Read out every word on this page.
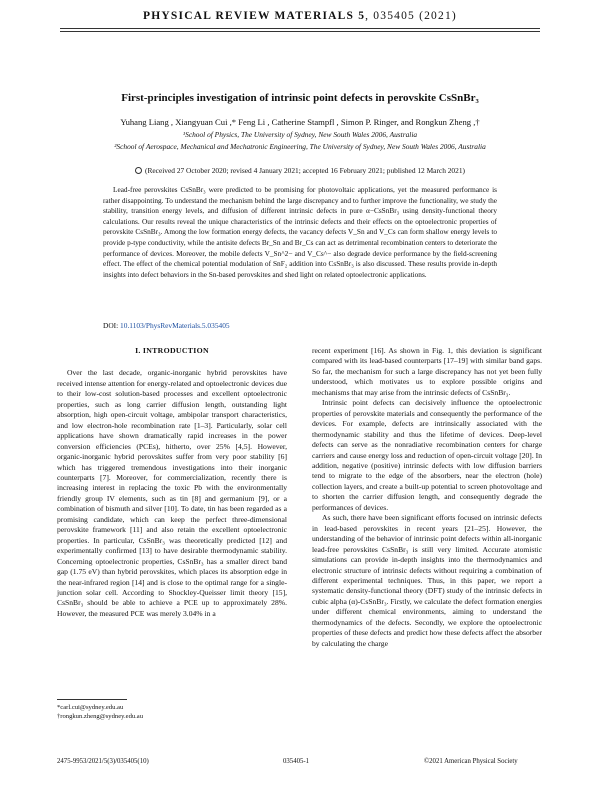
PHYSICAL REVIEW MATERIALS 5, 035405 (2021)
First-principles investigation of intrinsic point defects in perovskite CsSnBr₃
Yuhang Liang , Xiangyuan Cui ,* Feng Li , Catherine Stampfl , Simon P. Ringer, and Rongkun Zheng ,†
¹School of Physics, The University of Sydney, New South Wales 2006, Australia
²School of Aerospace, Mechanical and Mechatronic Engineering, The University of Sydney, New South Wales 2006, Australia
(Received 27 October 2020; revised 4 January 2021; accepted 16 February 2021; published 12 March 2021)
Lead-free perovskites CsSnBr₃ were predicted to be promising for photovoltaic applications, yet the measured performance is rather disappointing. To understand the mechanism behind the large discrepancy and to further improve the functionality, we study the stability, transition energy levels, and diffusion of different intrinsic defects in pure α−CsSnBr₃ using density-functional theory calculations. Our results reveal the unique characteristics of the intrinsic defects and their effects on the optoelectronic properties of perovskite CsSnBr₃. Among the low formation energy defects, the vacancy defects V_Sn and V_Cs can form shallow energy levels to provide p-type conductivity, while the antisite defects Br_Sn and Br_Cs can act as detrimental recombination centers to deteriorate the performance of devices. Moreover, the mobile defects V_Sn^2− and V_Cs^− also degrade device performance by the field-screening effect. The effect of the chemical potential modulation of SnF₂ addition into CsSnBr₃ is also discussed. These results provide in-depth insights into defect behaviors in the Sn-based perovskites and shed light on related optoelectronic applications.
DOI: 10.1103/PhysRevMaterials.5.035405
I. INTRODUCTION

Over the last decade, organic-inorganic hybrid perovskites have received intense attention for energy-related and optoelectronic devices due to their low-cost solution-based processes and excellent optoelectronic properties, such as long carrier diffusion length, outstanding light absorption, high open-circuit voltage, ambipolar transport characteristics, and low electron-hole recombination rate [1–3]. Particularly, solar cell applications have shown dramatically rapid increases in the power conversion efficiencies (PCEs), hitherto, over 25% [4,5]. However, organic-inorganic hybrid perovskites suffer from very poor stability [6] which has triggered tremendous investigations into their inorganic counterparts [7]. Moreover, for commercialization, recently there is increasing interest in replacing the toxic Pb with the environmentally friendly group IV elements, such as tin [8] and germanium [9], or a combination of bismuth and silver [10]. To date, tin has been regarded as a promising candidate, which can keep the perfect three-dimensional perovskite framework [11] and also retain the excellent optoelectronic properties. In particular, CsSnBr₃ was theoretically predicted [12] and experimentally confirmed [13] to have desirable thermodynamic stability. Concerning optoelectronic properties, CsSnBr₃ has a smaller direct band gap (1.75 eV) than hybrid perovskites, which places its absorption edge in the near-infrared region [14] and is close to the optimal range for a single-junction solar cell. According to Shockley-Queisser limit theory [15], CsSnBr₃ should be able to achieve a PCE up to approximately 28%. However, the measured PCE was merely 3.04% in a

recent experiment [16]. As shown in Fig. 1, this deviation is significant compared with its lead-based counterparts [17–19] with similar band gaps. So far, the mechanism for such a large discrepancy has not yet been fully understood, which motivates us to explore possible origins and mechanisms that may arise from the intrinsic defects of CsSnBr₃.

Intrinsic point defects can decisively influence the optoelectronic properties of perovskite materials and consequently the performance of the devices. For example, defects are intrinsically associated with the thermodynamic stability and thus the lifetime of devices. Deep-level defects can serve as the nonradiative recombination centers for charge carriers and cause energy loss and reduction of open-circuit voltage [20]. In addition, negative (positive) intrinsic defects with low diffusion barriers tend to migrate to the edge of the absorbers, near the electron (hole) collection layers, and create a built-up potential to screen photovoltage and to shorten the carrier diffusion length, and consequently degrade the performances of devices.

As such, there have been significant efforts focused on intrinsic defects in lead-based perovskites in recent years [21–25]. However, the understanding of the behavior of intrinsic point defects within all-inorganic lead-free perovskites CsSnBr₃ is still very limited. Accurate atomistic simulations can provide in-depth insights into the thermodynamics and electronic structure of intrinsic defects without requiring a combination of different experimental techniques. Thus, in this paper, we report a systematic density-functional theory (DFT) study of the intrinsic defects in cubic alpha (α)-CsSnBr₃. Firstly, we calculate the defect formation energies under different chemical environments, aiming to understand the thermodynamics of the defects. Secondly, we explore the optoelectronic properties of these defects and predict how these defects affect the absorber by calculating the charge

*carl.cui@sydney.edu.au
†rongkun.zheng@sydney.edu.au
2475-9953/2021/5(3)/035405(10)	035405-1	©2021 American Physical Society
